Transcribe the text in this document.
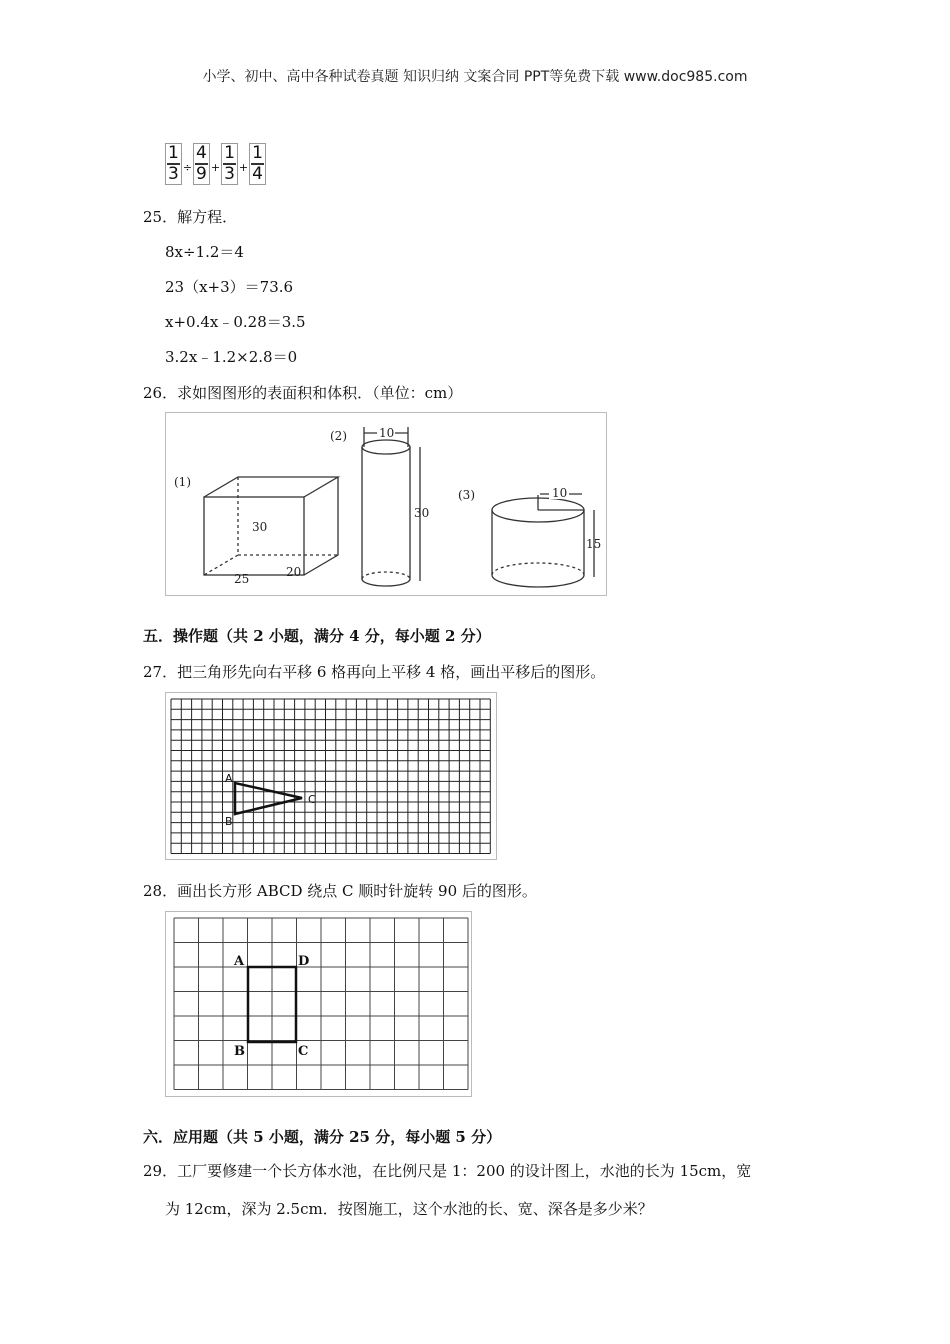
小学、初中、高中各种试卷真题 知识归纳 文案合同 PPT等免费下载 www.doc985.com
$\frac{1}{3} \div \frac{4}{9} + \frac{1}{3} + \frac{1}{4}$
25．解方程．
8x÷1.2＝4
23（x+3）＝73.6
x+0.4x﹣0.28＝3.5
3.2x﹣1.2×2.8＝0
26．求如图图形的表面积和体积．（单位：cm）
(1)
30
25	20
(2)	10
30
(3)	10
15
五．操作题（共 2 小题，满分 4 分，每小题 2 分）
27．把三角形先向右平移 6 格再向上平移 4 格，画出平移后的图形。
A
B
C
28．画出长方形 ABCD 绕点 C 顺时针旋转 90 后的图形。
A	D
B	C
六．应用题（共 5 小题，满分 25 分，每小题 5 分）
29．工厂要修建一个长方体水池，在比例尺是 1：200 的设计图上，水池的长为 15cm，宽
为 12cm，深为 2.5cm．按图施工，这个水池的长、宽、深各是多少米？
